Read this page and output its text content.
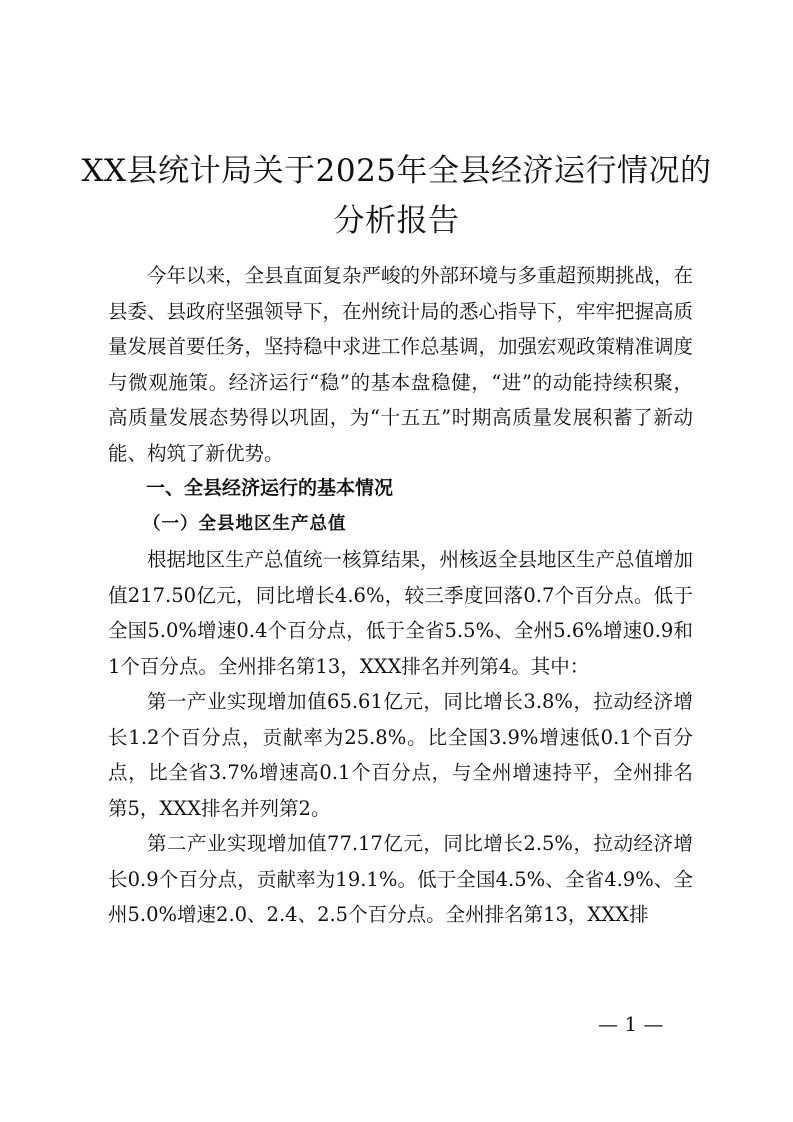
XX县统计局关于2025年全县经济运行情况的
分析报告

今年以来，全县直面复杂严峻的外部环境与多重超预期挑战，在县委、县政府坚强领导下，在州统计局的悉心指导下，牢牢把握高质量发展首要任务，坚持稳中求进工作总基调，加强宏观政策精准调度与微观施策。经济运行“稳”的基本盘稳健，“进”的动能持续积聚，高质量发展态势得以巩固，为“十五五”时期高质量发展积蓄了新动能、构筑了新优势。

一、全县经济运行的基本情况

（一）全县地区生产总值

根据地区生产总值统一核算结果，州核返全县地区生产总值增加值217.50亿元，同比增长4.6%，较三季度回落0.7个百分点。低于全国5.0%增速0.4个百分点，低于全省5.5%、全州5.6%增速0.9和1个百分点。全州排名第13，XXX排名并列第4。其中：

第一产业实现增加值65.61亿元，同比增长3.8%，拉动经济增长1.2个百分点，贡献率为25.8%。比全国3.9%增速低0.1个百分点，比全省3.7%增速高0.1个百分点，与全州增速持平，全州排名第5，XXX排名并列第2。

第二产业实现增加值77.17亿元，同比增长2.5%，拉动经济增长0.9个百分点，贡献率为19.1%。低于全国4.5%、全省4.9%、全州5.0%增速2.0、2.4、2.5个百分点。全州排名第13，XXX排

— 1 —
